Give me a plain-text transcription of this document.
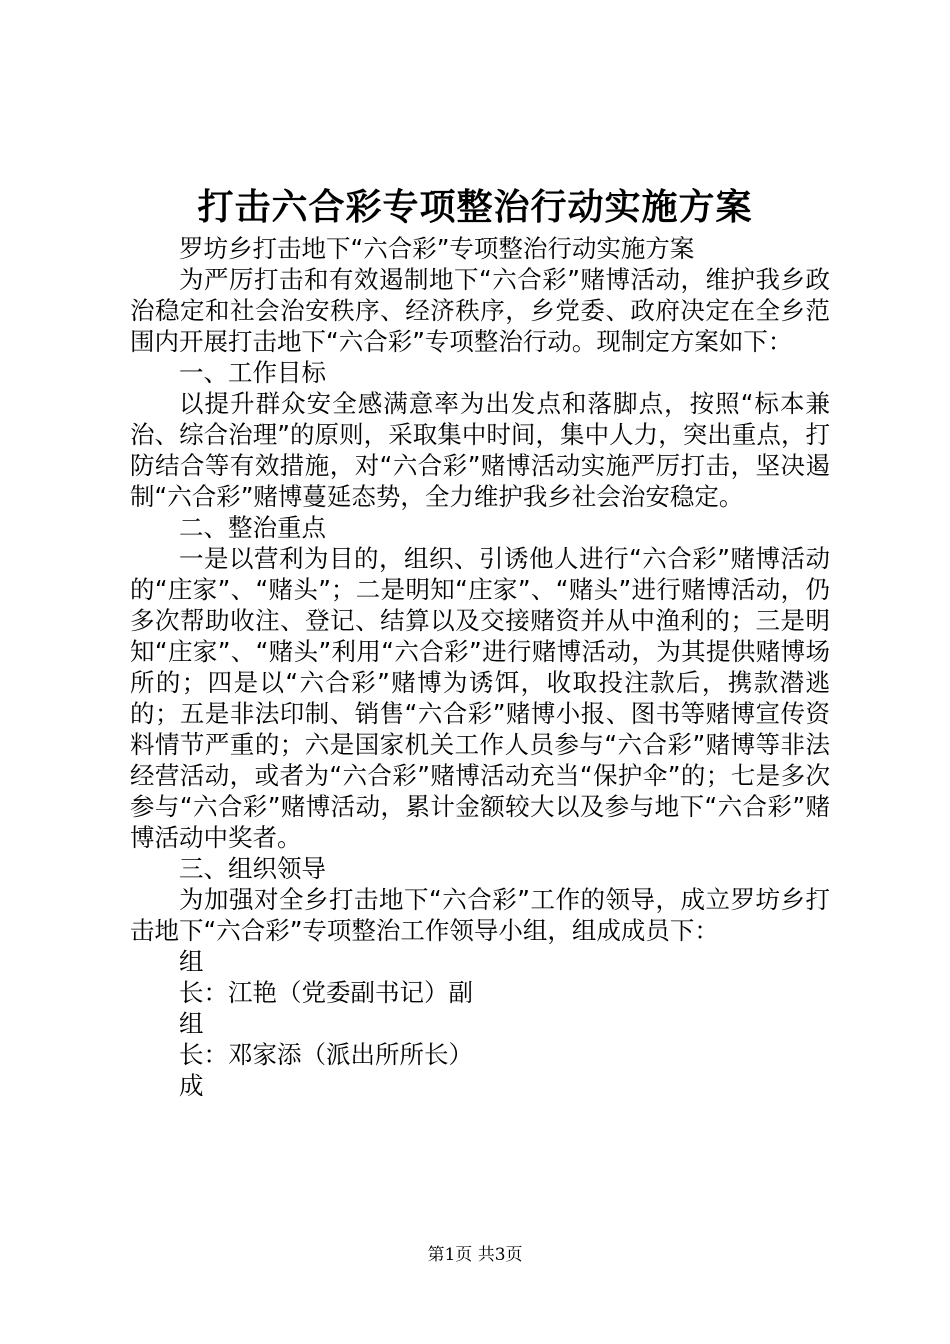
打击六合彩专项整治行动实施方案

罗坊乡打击地下“六合彩”专项整治行动实施方案

为严厉打击和有效遏制地下“六合彩”赌博活动，维护我乡政治稳定和社会治安秩序、经济秩序，乡党委、政府决定在全乡范围内开展打击地下“六合彩”专项整治行动。现制定方案如下：

一、工作目标

以提升群众安全感满意率为出发点和落脚点，按照“标本兼治、综合治理”的原则，采取集中时间，集中人力，突出重点，打防结合等有效措施，对“六合彩”赌博活动实施严厉打击，坚决遏制“六合彩”赌博蔓延态势，全力维护我乡社会治安稳定。

二、整治重点

一是以营利为目的，组织、引诱他人进行“六合彩”赌博活动的“庄家”、“赌头”；二是明知“庄家”、“赌头”进行赌博活动，仍多次帮助收注、登记、结算以及交接赌资并从中渔利的；三是明知“庄家”、“赌头”利用“六合彩”进行赌博活动，为其提供赌博场所的；四是以“六合彩”赌博为诱饵，收取投注款后，携款潜逃的；五是非法印制、销售“六合彩”赌博小报、图书等赌博宣传资料情节严重的；六是国家机关工作人员参与“六合彩”赌博等非法经营活动，或者为“六合彩”赌博活动充当“保护伞”的；七是多次参与“六合彩”赌博活动，累计金额较大以及参与地下“六合彩”赌博活动中奖者。

三、组织领导

为加强对全乡打击地下“六合彩”工作的领导，成立罗坊乡打击地下“六合彩”专项整治工作领导小组，组成成员下：

组

长：江艳（党委副书记）副

组

长：邓家添（派出所所长）

成

第1页 共3页
